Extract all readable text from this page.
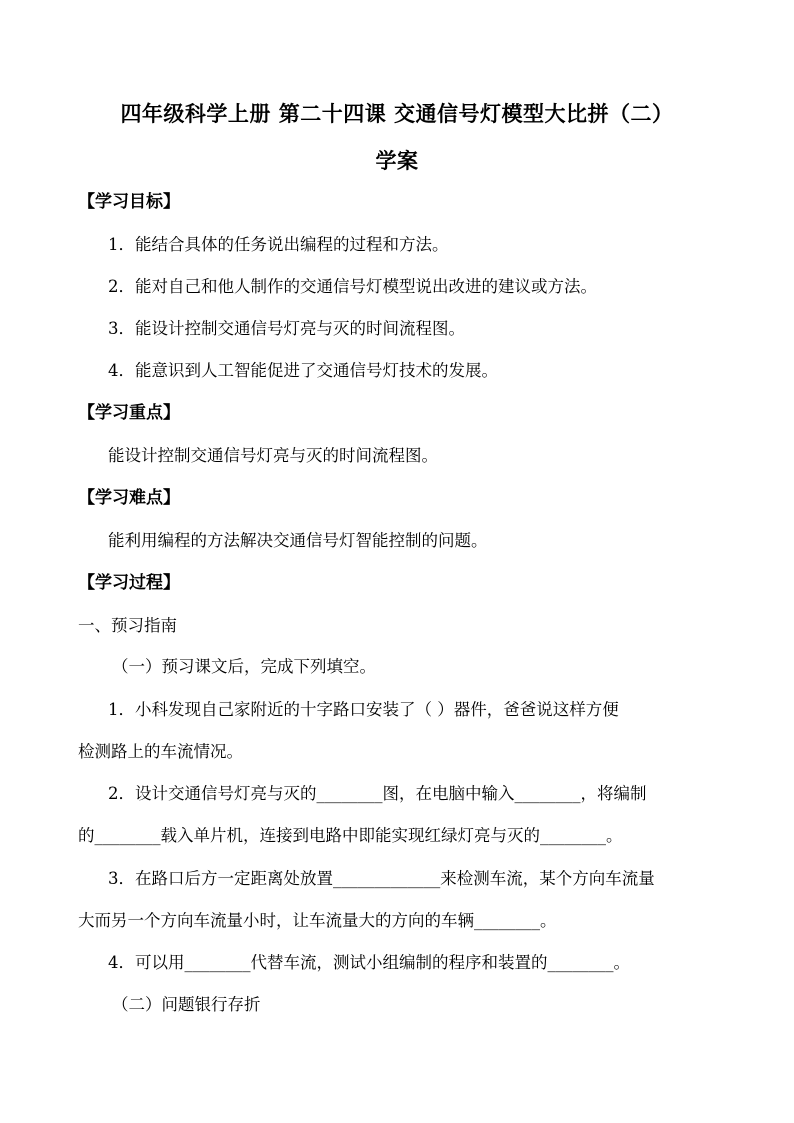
四年级科学上册 第二十四课 交通信号灯模型大比拼（二）
学案
【学习目标】
1．能结合具体的任务说出编程的过程和方法。
2．能对自己和他人制作的交通信号灯模型说出改进的建议或方法。
3．能设计控制交通信号灯亮与灭的时间流程图。
4．能意识到人工智能促进了交通信号灯技术的发展。
【学习重点】
能设计控制交通信号灯亮与灭的时间流程图。
【学习难点】
能利用编程的方法解决交通信号灯智能控制的问题。
【学习过程】
一、预习指南
（一）预习课文后，完成下列填空。
1．小科发现自己家附近的十字路口安装了（ ）器件，爸爸说这样方便
检测路上的车流情况。
2．设计交通信号灯亮与灭的________图，在电脑中输入________，将编制
的________载入单片机，连接到电路中即能实现红绿灯亮与灭的________。
3．在路口后方一定距离处放置_____________来检测车流，某个方向车流量
大而另一个方向车流量小时，让车流量大的方向的车辆________。
4．可以用________代替车流，测试小组编制的程序和装置的________。
（二）问题银行存折
